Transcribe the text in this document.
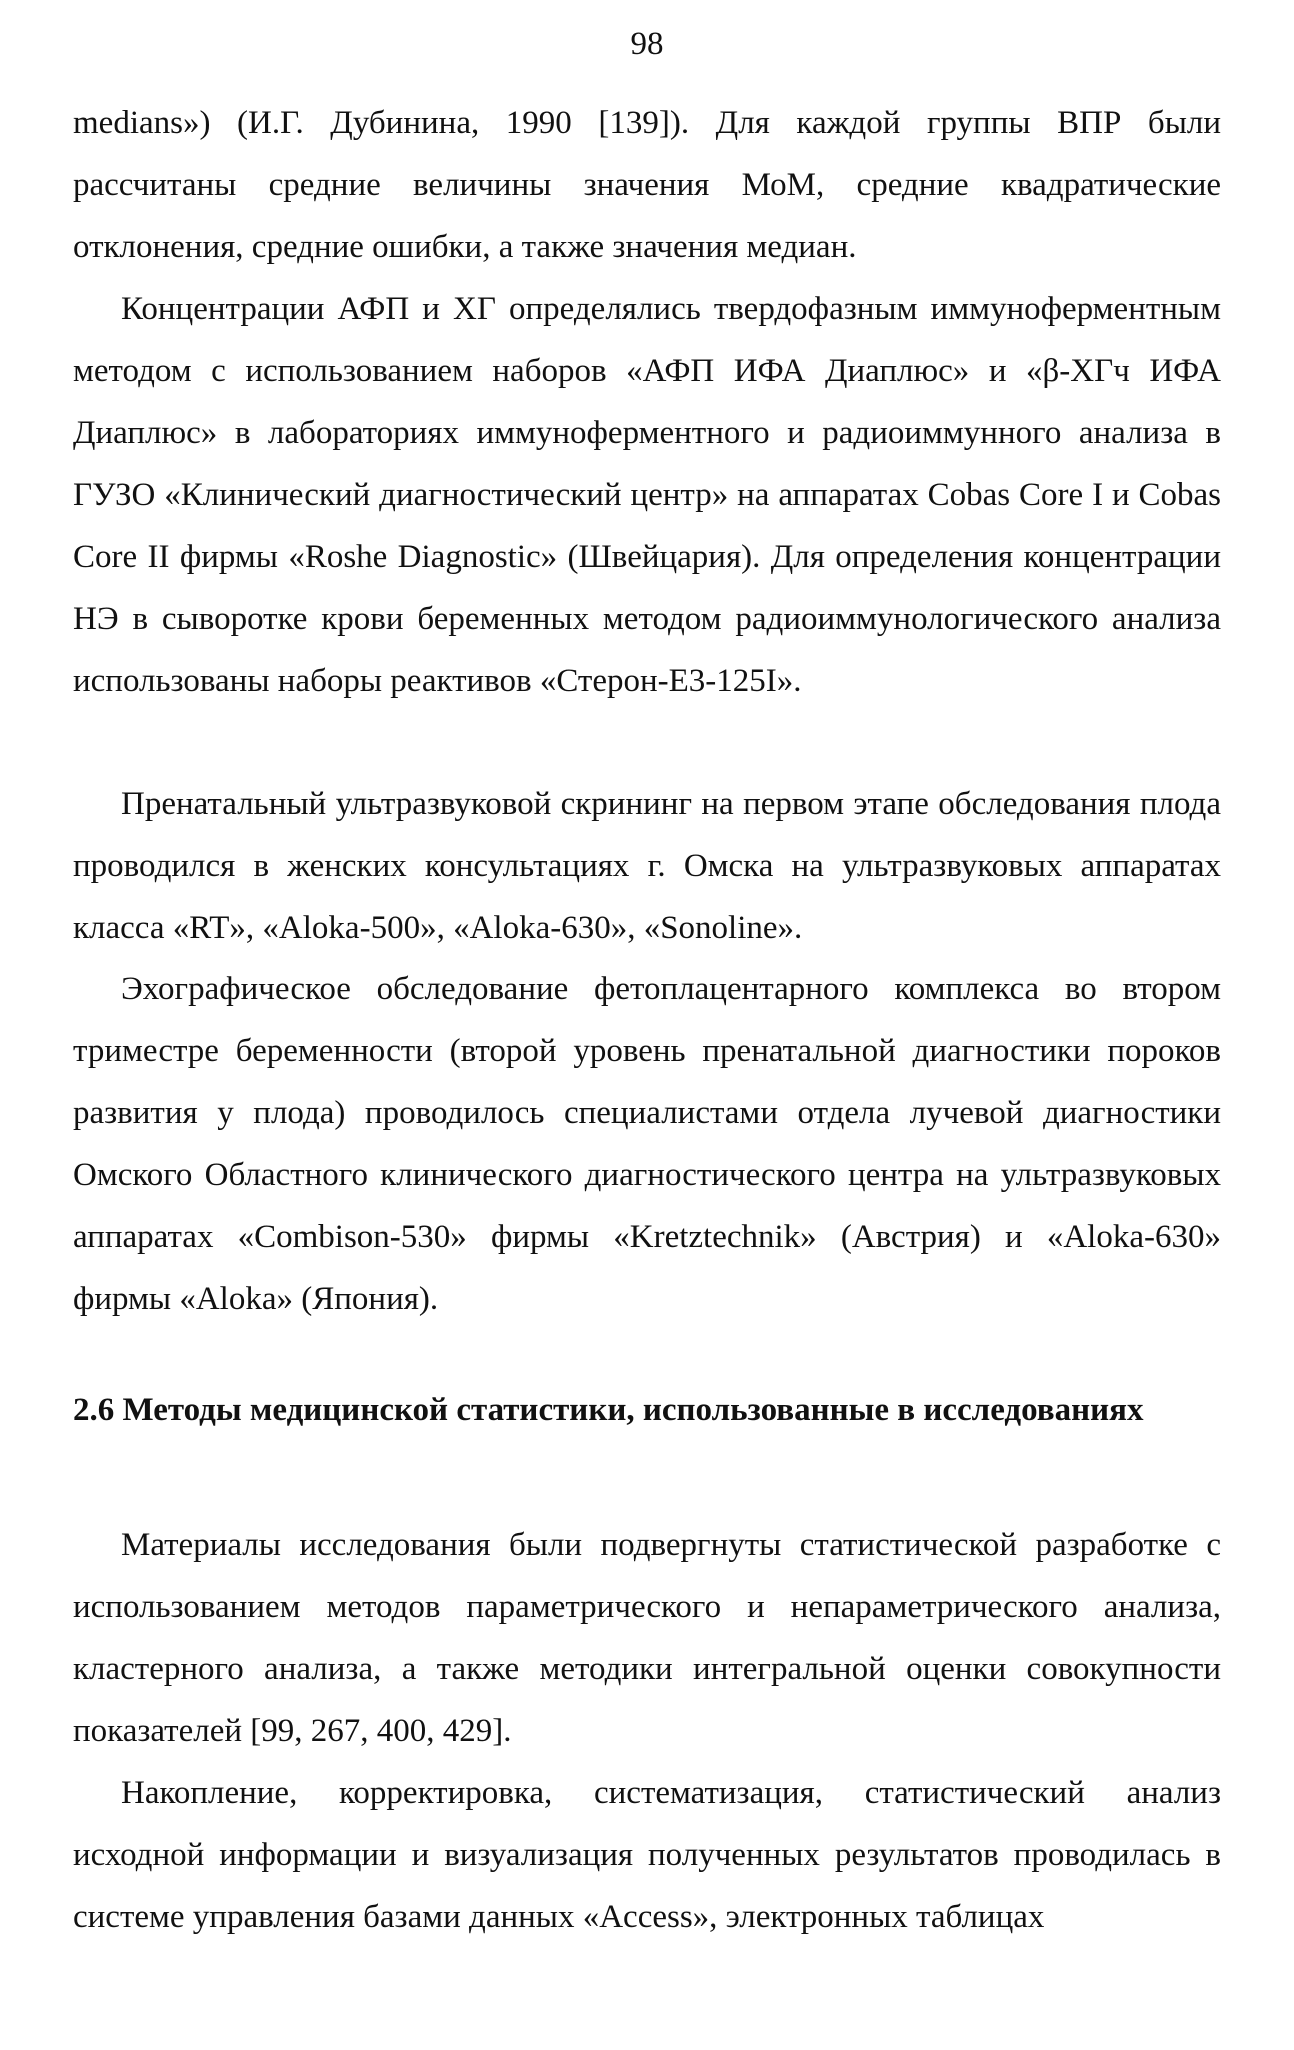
98

medians») (И.Г. Дубинина, 1990 [139]). Для каждой группы ВПР были рассчитаны средние величины значения МоМ, средние квадратические отклонения, средние ошибки, а также значения медиан.

Концентрации АФП и ХГ определялись твердофазным иммуноферментным методом с использованием наборов «АФП ИФА Диаплюс» и «β-ХГч ИФА Диаплюс» в лабораториях иммуноферментного и радиоиммунного анализа в ГУЗО «Клинический диагностический центр» на аппаратах Cobas Core I и Cobas Core II фирмы «Roshe Diagnostic» (Швейцария). Для определения концентрации НЭ в сыворотке крови беременных методом радиоиммунологического анализа использованы наборы реактивов «Стерон-Е3-125I».

Пренатальный ультразвуковой скрининг на первом этапе обследования плода проводился в женских консультациях г. Омска на ультразвуковых аппаратах класса «RT», «Aloka-500», «Aloka-630», «Sonoline».

Эхографическое обследование фетоплацентарного комплекса во втором триместре беременности (второй уровень пренатальной диагностики пороков развития у плода) проводилось специалистами отдела лучевой диагностики Омского Областного клинического диагностического центра на ультразвуковых аппаратах «Combison-530» фирмы «Kretztechnik» (Австрия) и «Aloka-630» фирмы «Aloka» (Япония).

2.6 Методы медицинской статистики, использованные в исследованиях

Материалы исследования были подвергнуты статистической разработке с использованием методов параметрического и непараметрического анализа, кластерного анализа, а также методики интегральной оценки совокупности показателей [99, 267, 400, 429].

Накопление, корректировка, систематизация, статистический анализ исходной информации и визуализация полученных результатов проводилась в системе управления базами данных «Access», электронных таблицах
